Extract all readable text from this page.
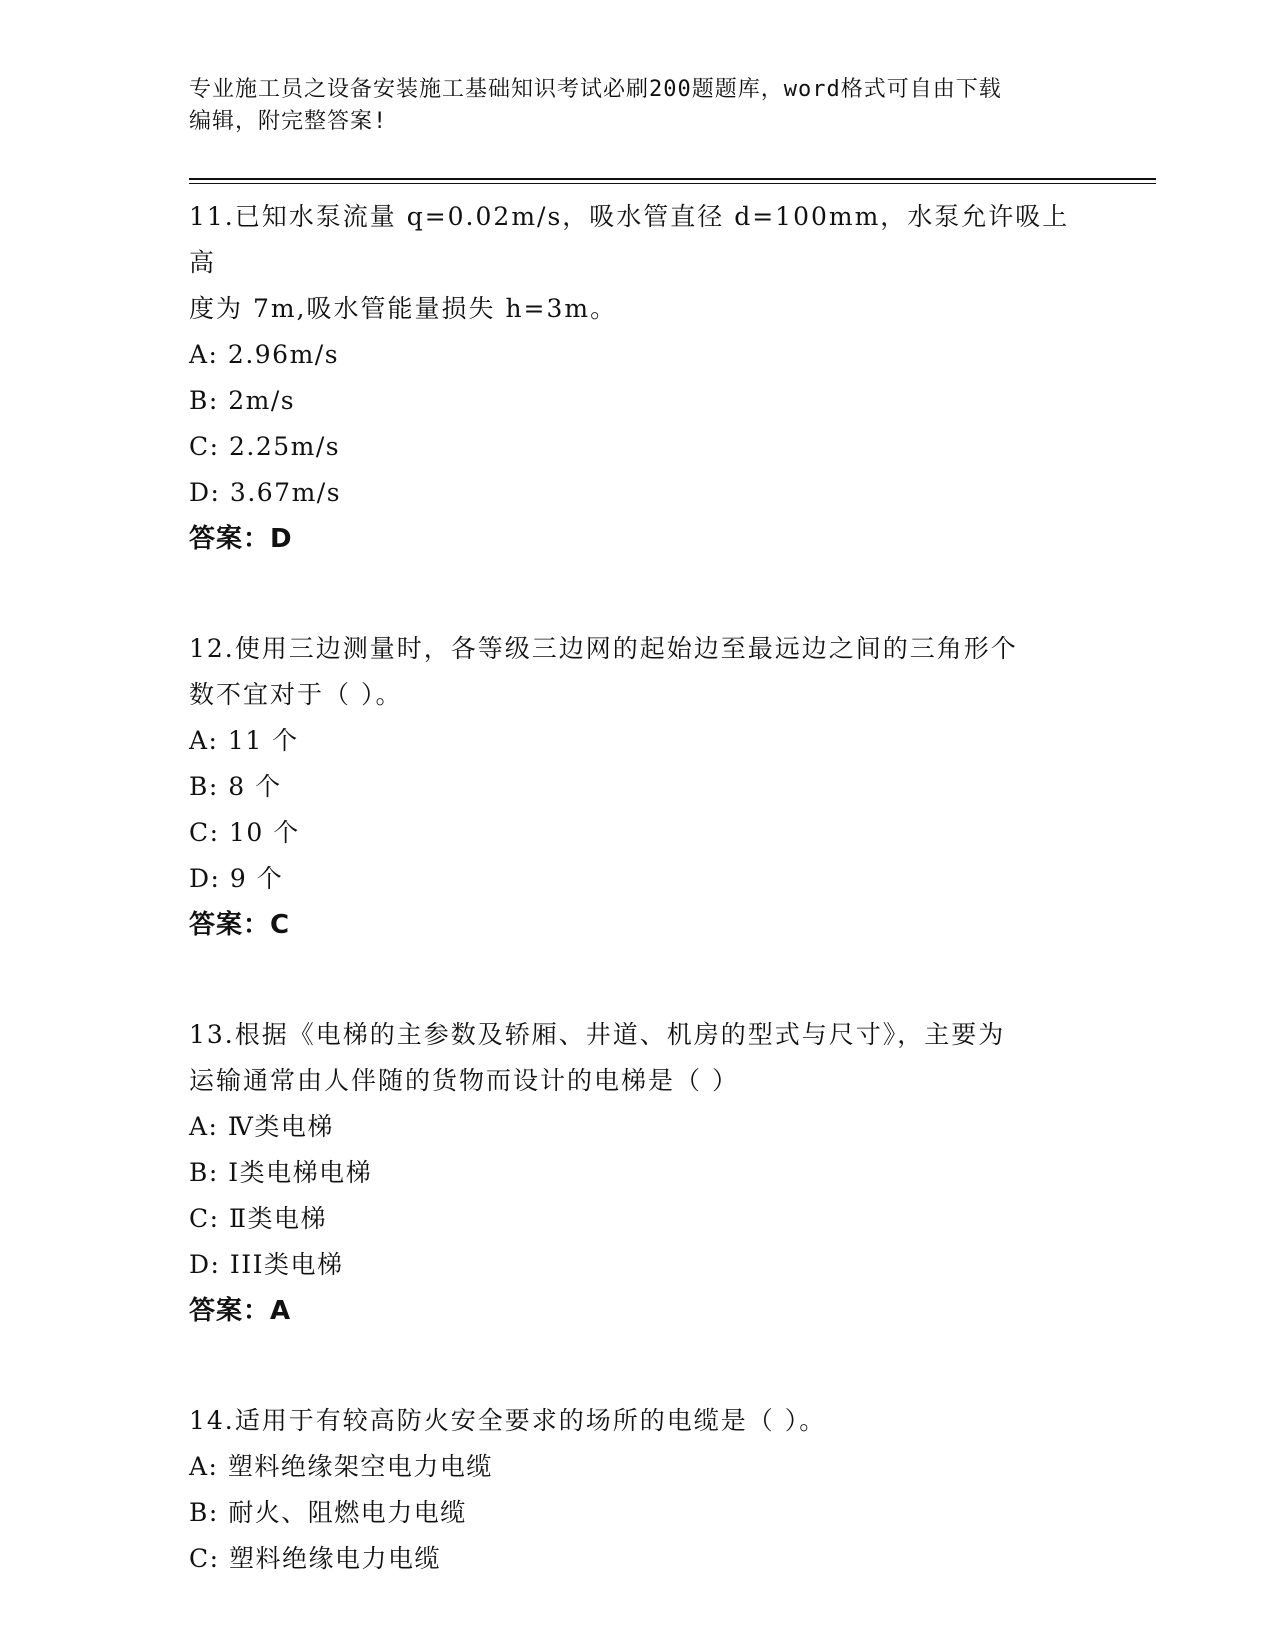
专业施工员之设备安装施工基础知识考试必刷200题题库，word格式可自由下载
编辑，附完整答案!
11.已知水泵流量 q=0.02m/s，吸水管直径 d=100mm，水泵允许吸上高
度为 7m,吸水管能量损失 h=3m。
A: 2.96m/s
B: 2m/s
C: 2.25m/s
D: 3.67m/s
答案：D
12.使用三边测量时，各等级三边网的起始边至最远边之间的三角形个
数不宜对于（ ）。
A: 11 个
B: 8 个
C: 10 个
D: 9 个
答案：C
13.根据《电梯的主参数及轿厢、井道、机房的型式与尺寸》，主要为
运输通常由人伴随的货物而设计的电梯是（ ）
A: Ⅳ类电梯
B: Ⅰ类电梯电梯
C: Ⅱ类电梯
D: III类电梯
答案：A
14.适用于有较高防火安全要求的场所的电缆是（ ）。
A: 塑料绝缘架空电力电缆
B: 耐火、阻燃电力电缆
C: 塑料绝缘电力电缆
